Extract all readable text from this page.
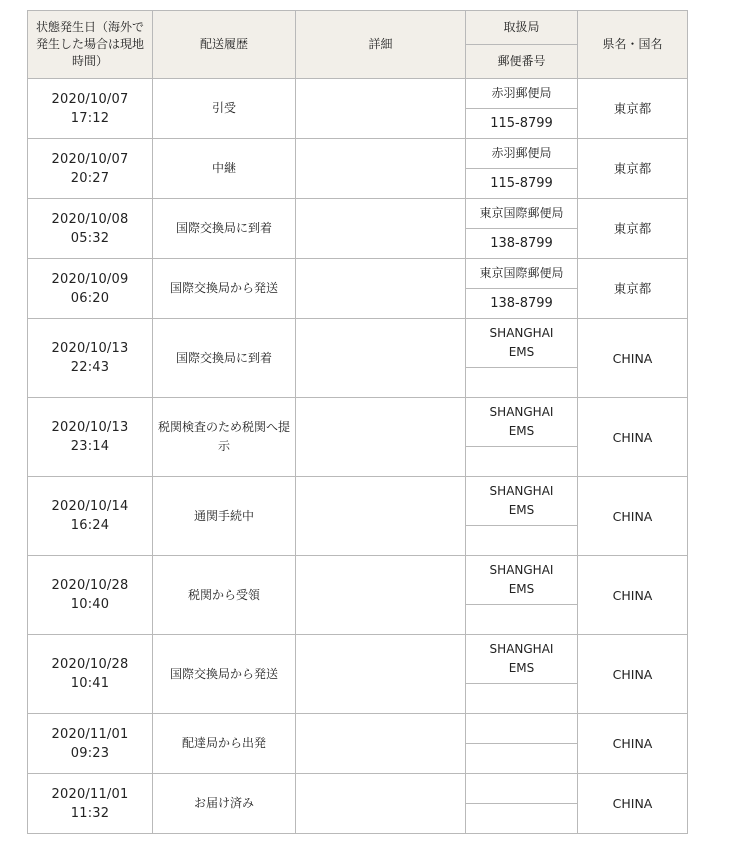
状態発生日（海外で発生した場合は現地時間）	配送履歴	詳細	取扱局	県名・国名
			郵便番号	

2020/10/07
17:12	引受		赤羽郵便局	東京都
			115-8799	

2020/10/07
20:27	中継		赤羽郵便局	東京都
			115-8799	

2020/10/08
05:32	国際交換局に到着		東京国際郵便局	東京都
			138-8799	

2020/10/09
06:20	国際交換局から発送		東京国際郵便局	東京都
			138-8799	

2020/10/13
22:43	国際交換局に到着		SHANGHAI EMS	CHINA

2020/10/13
23:14	税関検査のため税関へ提示		SHANGHAI EMS	CHINA

2020/10/14
16:24	通関手続中		SHANGHAI EMS	CHINA

2020/10/28
10:40	税関から受領		SHANGHAI EMS	CHINA

2020/10/28
10:41	国際交換局から発送		SHANGHAI EMS	CHINA

2020/11/01
09:23	配達局から出発			CHINA

2020/11/01
11:32	お届け済み			CHINA
